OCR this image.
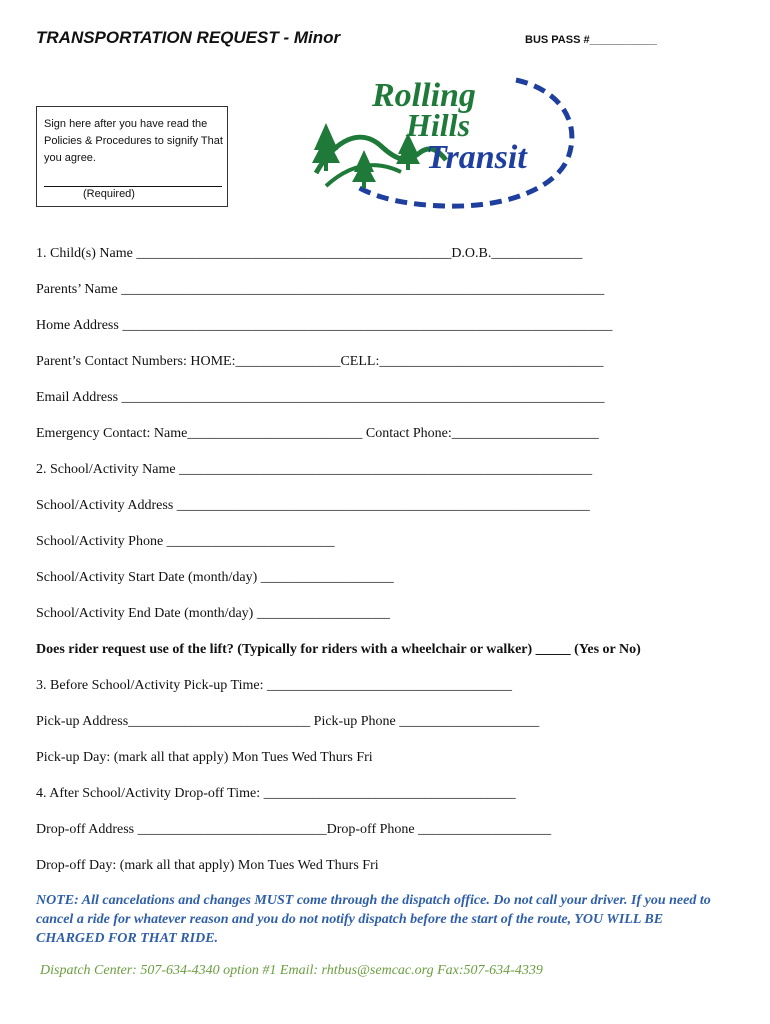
TRANSPORTATION REQUEST - Minor	BUS PASS #___________
Sign here after you have read the Policies & Procedures to signify That you agree.
(Required)
Rolling
Hills
Transit
1. Child(s) Name _____________________________________________D.O.B._____________
Parents’ Name _____________________________________________________________________
Home Address ______________________________________________________________________
Parent’s Contact Numbers: HOME:_______________CELL:________________________________
Email Address _____________________________________________________________________
Emergency Contact: Name_________________________ Contact Phone:_____________________
2. School/Activity Name ___________________________________________________________
School/Activity Address ___________________________________________________________
School/Activity Phone ________________________
School/Activity Start Date (month/day) ___________________
School/Activity End Date (month/day) ___________________
Does rider request use of the lift? (Typically for riders with a wheelchair or walker) _____ (Yes or No)
3. Before School/Activity Pick-up Time: ___________________________________
Pick-up Address__________________________ Pick-up Phone ____________________
Pick-up Day: (mark all that apply) Mon Tues Wed Thurs Fri
4. After School/Activity Drop-off Time: ____________________________________
Drop-off Address ___________________________Drop-off Phone ___________________
Drop-off Day: (mark all that apply) Mon Tues Wed Thurs Fri
NOTE: All cancelations and changes MUST come through the dispatch office. Do not call your driver. If you need to cancel a ride for whatever reason and you do not notify dispatch before the start of the route, YOU WILL BE CHARGED FOR THAT RIDE.
Dispatch Center: 507-634-4340 option #1 Email: rhtbus@semcac.org Fax:507-634-4339
